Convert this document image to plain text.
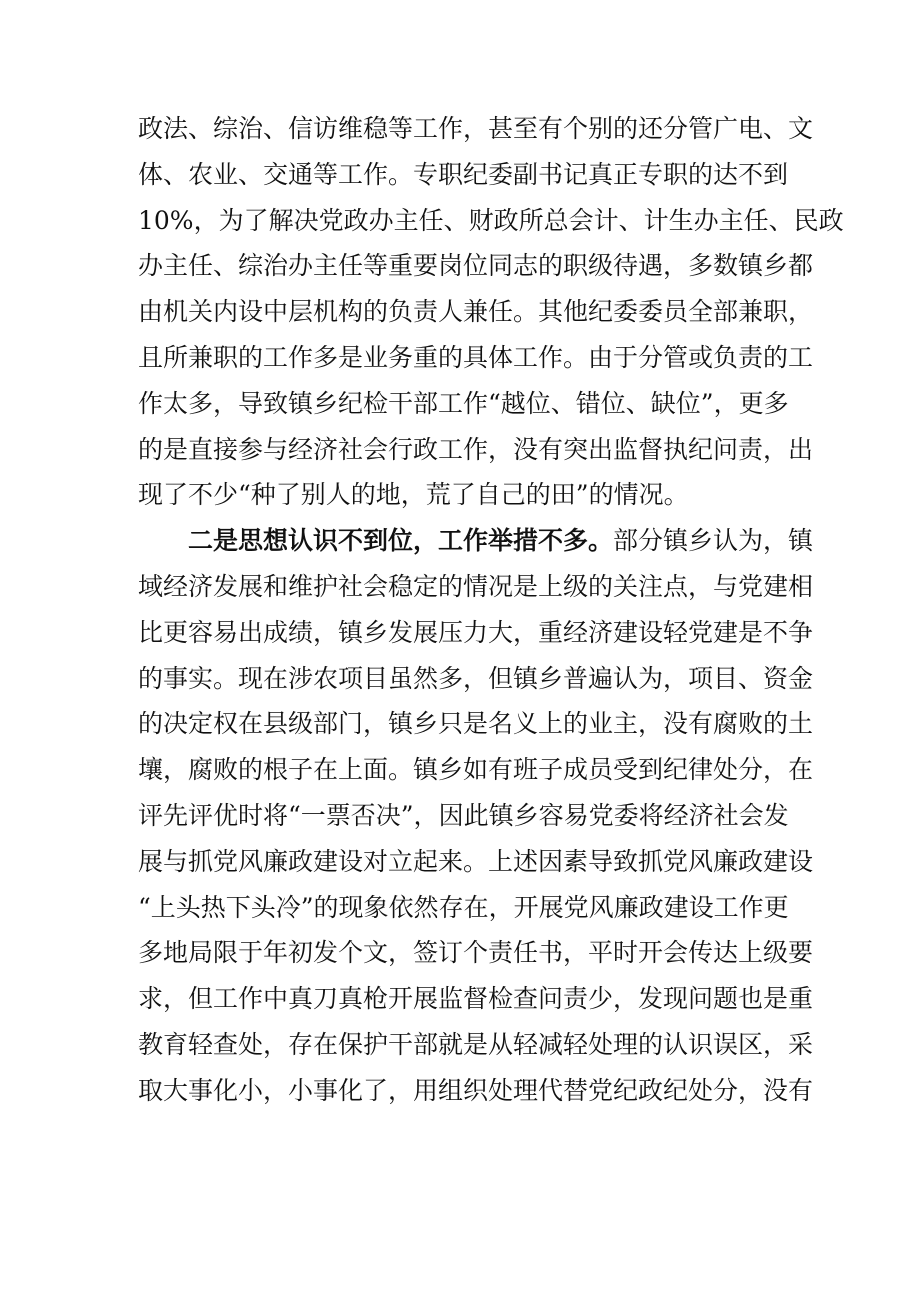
政法、综治、信访维稳等工作，甚至有个别的还分管广电、文
体、农业、交通等工作。专职纪委副书记真正专职的达不到
10%，为了解决党政办主任、财政所总会计、计生办主任、民政
办主任、综治办主任等重要岗位同志的职级待遇，多数镇乡都
由机关内设中层机构的负责人兼任。其他纪委委员全部兼职，
且所兼职的工作多是业务重的具体工作。由于分管或负责的工
作太多，导致镇乡纪检干部工作“越位、错位、缺位”，更多
的是直接参与经济社会行政工作，没有突出监督执纪问责，出
现了不少“种了别人的地，荒了自己的田”的情况。
二是思想认识不到位，工作举措不多。部分镇乡认为，镇
域经济发展和维护社会稳定的情况是上级的关注点，与党建相
比更容易出成绩，镇乡发展压力大，重经济建设轻党建是不争
的事实。现在涉农项目虽然多，但镇乡普遍认为，项目、资金
的决定权在县级部门，镇乡只是名义上的业主，没有腐败的土
壤，腐败的根子在上面。镇乡如有班子成员受到纪律处分，在
评先评优时将“一票否决”，因此镇乡容易党委将经济社会发
展与抓党风廉政建设对立起来。上述因素导致抓党风廉政建设
“上头热下头冷”的现象依然存在，开展党风廉政建设工作更
多地局限于年初发个文，签订个责任书，平时开会传达上级要
求，但工作中真刀真枪开展监督检查问责少，发现问题也是重
教育轻查处，存在保护干部就是从轻减轻处理的认识误区，采
取大事化小，小事化了，用组织处理代替党纪政纪处分，没有
